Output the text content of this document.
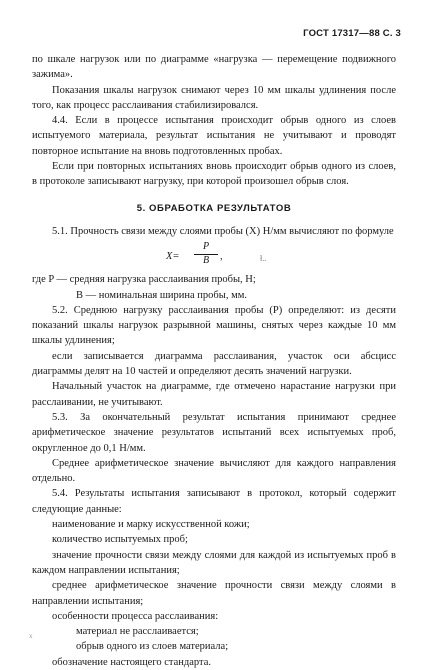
ГОСТ 17317—88 С. 3

по шкале нагрузок или по диаграмме «нагрузка — перемещение подвижного зажима».

Показания шкалы нагрузок снимают через 10 мм шкалы удлинения после того, как процесс расслаивания стабилизировался.

4.4. Если в процессе испытания происходит обрыв одного из слоев испытуемого материала, результат испытания не учитывают и проводят повторное испытание на вновь подготовленных пробах.

Если при повторных испытаниях вновь происходит обрыв одного из слоев, в протоколе записывают нагрузку, при которой произошел обрыв слоя.

5. ОБРАБОТКА РЕЗУЛЬТАТОВ

5.1. Прочность связи между слоями пробы (X) Н/мм вычисляют по формуле

$X= \frac{P}{B}$ ,	ł..

где P — средняя нагрузка расслаивания пробы, Н;

B — номинальная ширина пробы, мм.

5.2. Среднюю нагрузку расслаивания пробы (P) определяют: из десяти показаний шкалы нагрузок разрывной машины, снятых через каждые 10 мм шкалы удлинения;

если записывается диаграмма расслаивания, участок оси абсцисс диаграммы делят на 10 частей и определяют десять значений нагрузки.

Начальный участок на диаграмме, где отмечено нарастание нагрузки при расслаивании, не учитывают.

5.3. За окончательный результат испытания принимают среднее арифметическое значение результатов испытаний всех испытуемых проб, округленное до 0,1 Н/мм.

Среднее арифметическое значение вычисляют для каждого направления отдельно.

5.4. Результаты испытания записывают в протокол, который содержит следующие данные:

наименование и марку искусственной кожи;

количество испытуемых проб;

значение прочности связи между слоями для каждой из испытуемых проб в каждом направлении испытания;

среднее арифметическое значение прочности связи между слоями в направлении испытания;

особенности процесса расслаивания:

материал не расслаивается;

обрыв одного из слоев материала;

обозначение настоящего стандарта.

x
